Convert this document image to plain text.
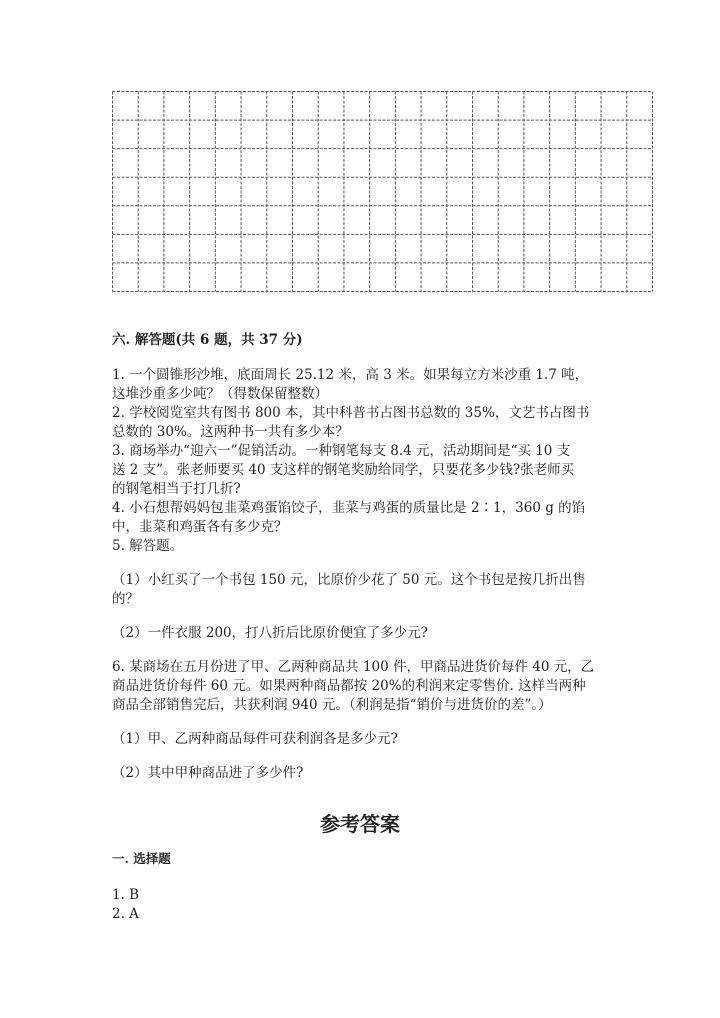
六. 解答题(共 6 题，共 37 分)
1. 一个圆锥形沙堆，底面周长 25.12 米，高 3 米。如果每立方米沙重 1.7 吨，
这堆沙重多少吨？（得数保留整数）
2. 学校阅览室共有图书 800 本，其中科普书占图书总数的 35%，文艺书占图书
总数的 30%。这两种书一共有多少本？
3. 商场举办“迎六一”促销活动。一种钢笔每支 8.4 元，活动期间是“买 10 支
送 2 支”。张老师要买 40 支这样的钢笔奖励给同学，只要花多少钱?张老师买
的钢笔相当于打几折?
4. 小石想帮妈妈包韭菜鸡蛋馅饺子，韭菜与鸡蛋的质量比是 2∶1，360 g 的馅
中，韭菜和鸡蛋各有多少克？
5. 解答题。
（1）小红买了一个书包 150 元，比原价少花了 50 元。这个书包是按几折出售
的？
（2）一件衣服 200，打八折后比原价便宜了多少元?
6. 某商场在五月份进了甲、乙两种商品共 100 件，甲商品进货价每件 40 元，乙
商品进货价每件 60 元。如果两种商品都按 20%的利润来定零售价. 这样当两种
商品全部销售完后，共获利润 940 元。（利润是指“销价与进货价的差”。）
（1）甲、乙两种商品每件可获利润各是多少元?
（2）其中甲种商品进了多少件?
参考答案
一. 选择题
1. B
2. A
